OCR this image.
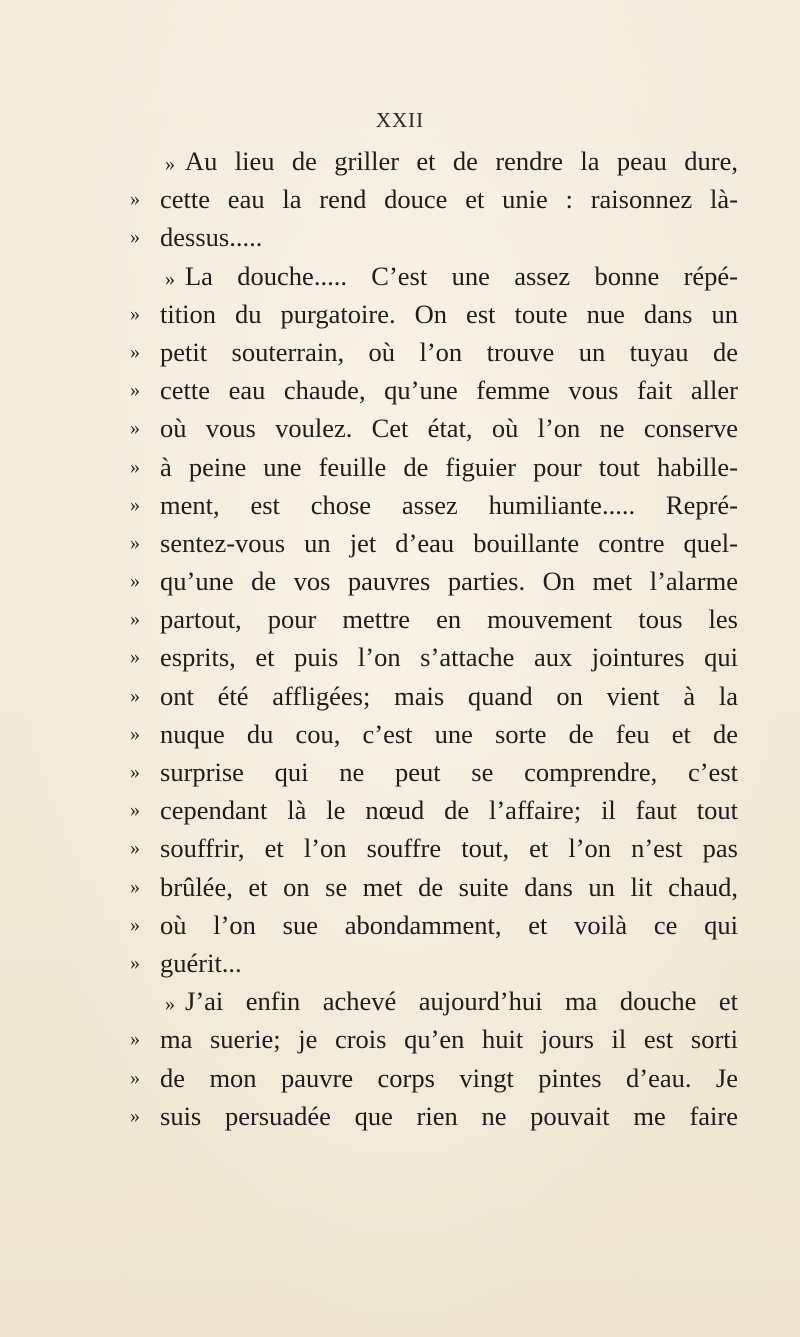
XXII
» Au lieu de griller et de rendre la peau dure,
» cette eau la rend douce et unie : raisonnez là-
» dessus.....
» La douche..... C’est une assez bonne répé-
» tition du purgatoire. On est toute nue dans un
» petit souterrain, où l’on trouve un tuyau de
» cette eau chaude, qu’une femme vous fait aller
» où vous voulez. Cet état, où l’on ne conserve
» à peine une feuille de figuier pour tout habille-
» ment, est chose assez humiliante..... Repré-
» sentez-vous un jet d’eau bouillante contre quel-
» qu’une de vos pauvres parties. On met l’alarme
» partout, pour mettre en mouvement tous les
» esprits, et puis l’on s’attache aux jointures qui
» ont été affligées; mais quand on vient à la
» nuque du cou, c’est une sorte de feu et de
» surprise qui ne peut se comprendre, c’est
» cependant là le nœud de l’affaire; il faut tout
» souffrir, et l’on souffre tout, et l’on n’est pas
» brûlée, et on se met de suite dans un lit chaud,
» où l’on sue abondamment, et voilà ce qui
» guérit...
» J’ai enfin achevé aujourd’hui ma douche et
» ma suerie; je crois qu’en huit jours il est sorti
» de mon pauvre corps vingt pintes d’eau. Je
» suis persuadée que rien ne pouvait me faire
